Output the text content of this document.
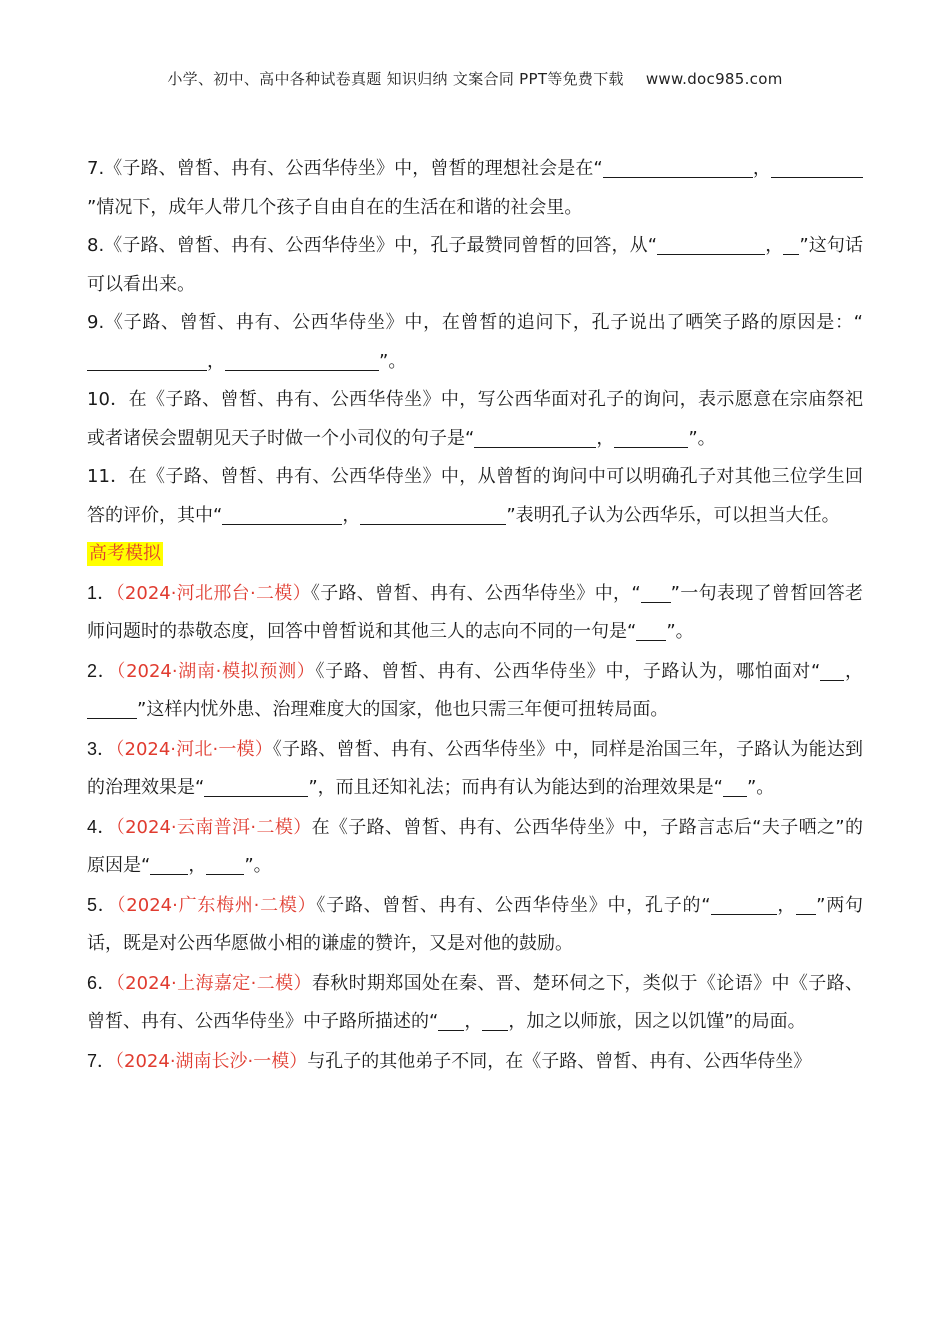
小学、初中、高中各种试卷真题 知识归纳 文案合同 PPT等免费下载 www.doc985.com

7.《子路、曾皙、冉有、公西华侍坐》中，曾皙的理想社会是在“	，”情况下，成年人带几个孩子自由自在的生活在和谐的社会里。

8.《子路、曾皙、冉有、公西华侍坐》中，孔子最赞同曾皙的回答，从“	， ”这句话可以看出来。

9.《子路、曾皙、冉有、公西华侍坐》中，在曾皙的追问下，孔子说出了哂笑子路的原因是：“，	”。

10．在《子路、曾皙、冉有、公西华侍坐》中，写公西华面对孔子的询问，表示愿意在宗庙祭祀或者诸侯会盟朝见天子时做一个小司仪的句子是“	，	”。

11．在《子路、曾皙、冉有、公西华侍坐》中，从曾皙的询问中可以明确孔子对其他三位学生回答的评价，其中“	，	”表明孔子认为公西华乐，可以担当大任。

高考模拟

1．（2024·河北邢台·二模）《子路、曾皙、冉有、公西华侍坐》中，“ ”一句表现了曾皙回答老师问题时的恭敬态度，回答中曾皙说和其他三人的志向不同的一句是“ ”。

2．（2024·湖南·模拟预测）《子路、曾皙、冉有、公西华侍坐》中，子路认为，哪怕面对“ ，”这样内忧外患、治理难度大的国家，他也只需三年便可扭转局面。

3．（2024·河北·一模）《子路、曾皙、冉有、公西华侍坐》中，同样是治国三年，子路认为能达到的治理效果是“	”，而且还知礼法；而冉有认为能达到的治理效果是“ ”。

4．（2024·云南普洱·二模）在《子路、曾皙、冉有、公西华侍坐》中，子路言志后“夫子哂之”的原因是“ ， ”。

5．（2024·广东梅州·二模）《子路、曾皙、冉有、公西华侍坐》中，孔子的“	， ”两句话，既是对公西华愿做小相的谦虚的赞许，又是对他的鼓励。

6．（2024·上海嘉定·二模）春秋时期郑国处在秦、晋、楚环伺之下，类似于《论语》中《子路、曾皙、冉有、公西华侍坐》中子路所描述的“ ， ，加之以师旅，因之以饥馑”的局面。

7．（2024·湖南长沙·一模）与孔子的其他弟子不同，在《子路、曾皙、冉有、公西华侍坐》
